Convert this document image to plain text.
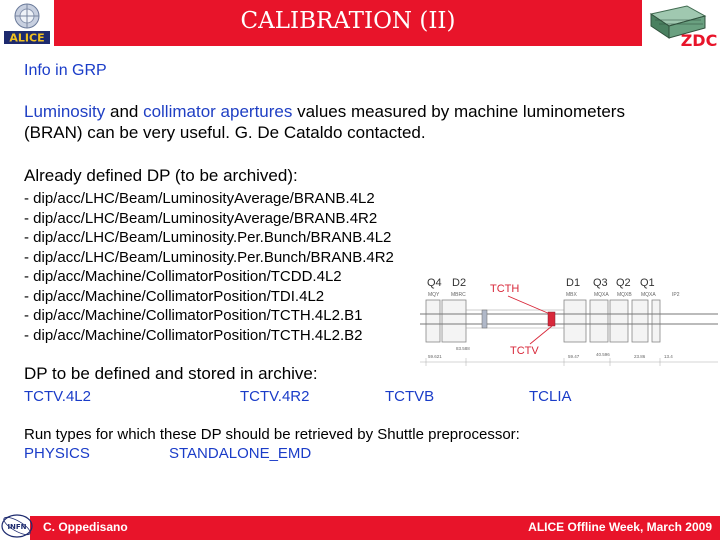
CALIBRATION (II)
ALICE	ZDC
Info in GRP
Luminosity and collimator apertures values measured by machine luminometers
(BRAN) can be very useful. G. De Cataldo contacted.
Already defined DP (to be archived):
- dip/acc/LHC/Beam/LuminosityAverage/BRANB.4L2
- dip/acc/LHC/Beam/LuminosityAverage/BRANB.4R2
- dip/acc/LHC/Beam/Luminosity.Per.Bunch/BRANB.4L2
- dip/acc/LHC/Beam/Luminosity.Per.Bunch/BRANB.4R2
- dip/acc/Machine/CollimatorPosition/TCDD.4L2
- dip/acc/Machine/CollimatorPosition/TDI.4L2
- dip/acc/Machine/CollimatorPosition/TCTH.4L2.B1
- dip/acc/Machine/CollimatorPosition/TCTH.4L2.B2
Q4 D2	D1 Q3 Q2 Q1
MQY MBRC	MBX	MQXA MQXB MQXA	IP2
TCTH
TCTV
59.621
83.588
59.47	40.596	23.86	13.4
DP to be defined and stored in archive:
TCTV.4L2	TCTV.4R2	TCTVB	TCLIA
Run types for which these DP should be retrieved by Shuttle preprocessor:
PHYSICS	STANDALONE_EMD
INFN C. Oppedisano	ALICE Offline Week, March 2009
